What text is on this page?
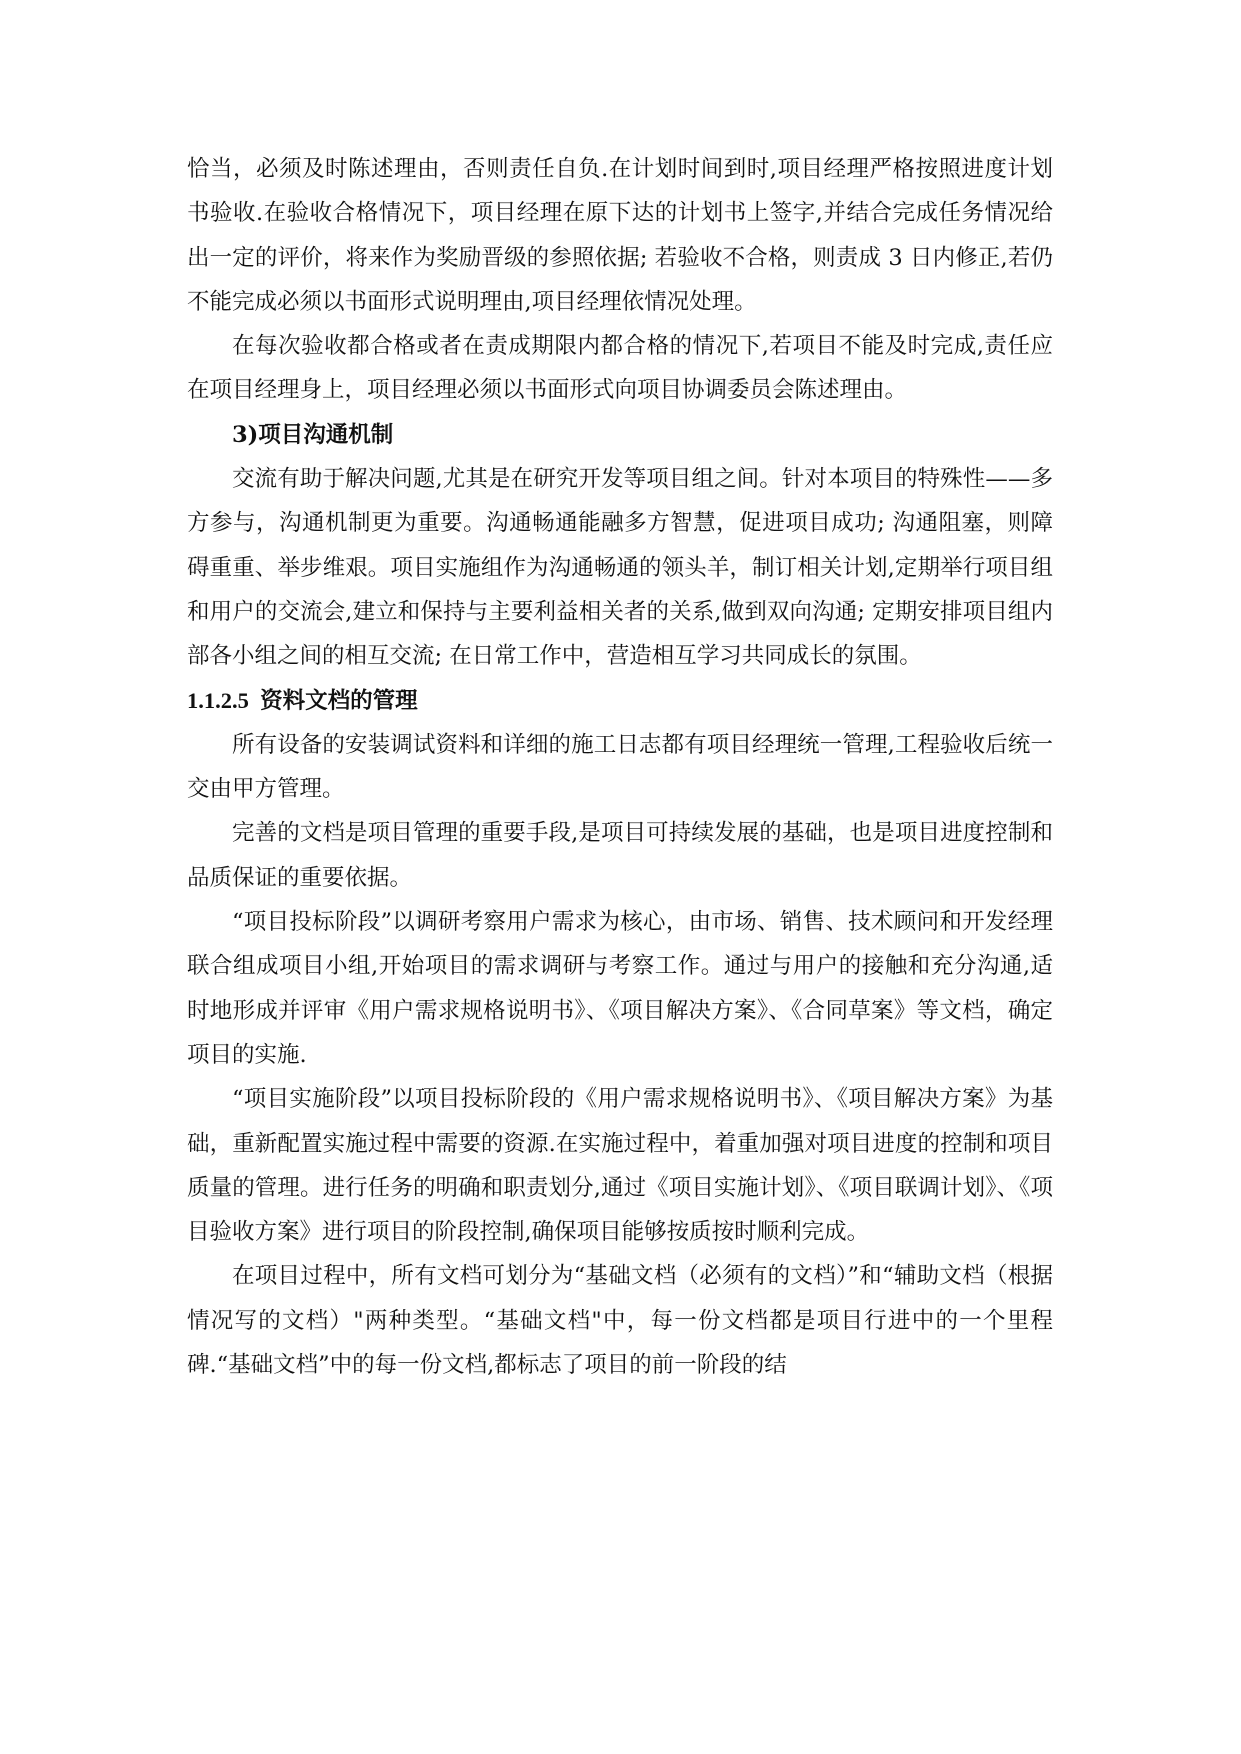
恰当，必须及时陈述理由，否则责任自负.在计划时间到时,项目经理严格按照进度计划书验收.在验收合格情况下，项目经理在原下达的计划书上签字,并结合完成任务情况给出一定的评价，将来作为奖励晋级的参照依据; 若验收不合格，则责成 3 日内修正,若仍不能完成必须以书面形式说明理由,项目经理依情况处理。

在每次验收都合格或者在责成期限内都合格的情况下,若项目不能及时完成,责任应在项目经理身上，项目经理必须以书面形式向项目协调委员会陈述理由。

3)项目沟通机制

交流有助于解决问题,尤其是在研究开发等项目组之间。针对本项目的特殊性——多方参与，沟通机制更为重要。沟通畅通能融多方智慧，促进项目成功; 沟通阻塞，则障碍重重、举步维艰。项目实施组作为沟通畅通的领头羊，制订相关计划,定期举行项目组和用户的交流会,建立和保持与主要利益相关者的关系,做到双向沟通; 定期安排项目组内部各小组之间的相互交流; 在日常工作中，营造相互学习共同成长的氛围。

1.1.2.5 资料文档的管理

所有设备的安装调试资料和详细的施工日志都有项目经理统一管理,工程验收后统一交由甲方管理。

完善的文档是项目管理的重要手段,是项目可持续发展的基础，也是项目进度控制和品质保证的重要依据。

“项目投标阶段”以调研考察用户需求为核心，由市场、销售、技术顾问和开发经理联合组成项目小组,开始项目的需求调研与考察工作。通过与用户的接触和充分沟通,适时地形成并评审《用户需求规格说明书》、《项目解决方案》、《合同草案》等文档，确定项目的实施.

“项目实施阶段”以项目投标阶段的《用户需求规格说明书》、《项目解决方案》为基础，重新配置实施过程中需要的资源.在实施过程中，着重加强对项目进度的控制和项目质量的管理。进行任务的明确和职责划分,通过《项目实施计划》、《项目联调计划》、《项目验收方案》进行项目的阶段控制,确保项目能够按质按时顺利完成。

在项目过程中，所有文档可划分为“基础文档（必须有的文档）”和“辅助文档（根据情况写的文档）"两种类型。“基础文档"中，每一份文档都是项目行进中的一个里程碑.“基础文档”中的每一份文档,都标志了项目的前一阶段的结
